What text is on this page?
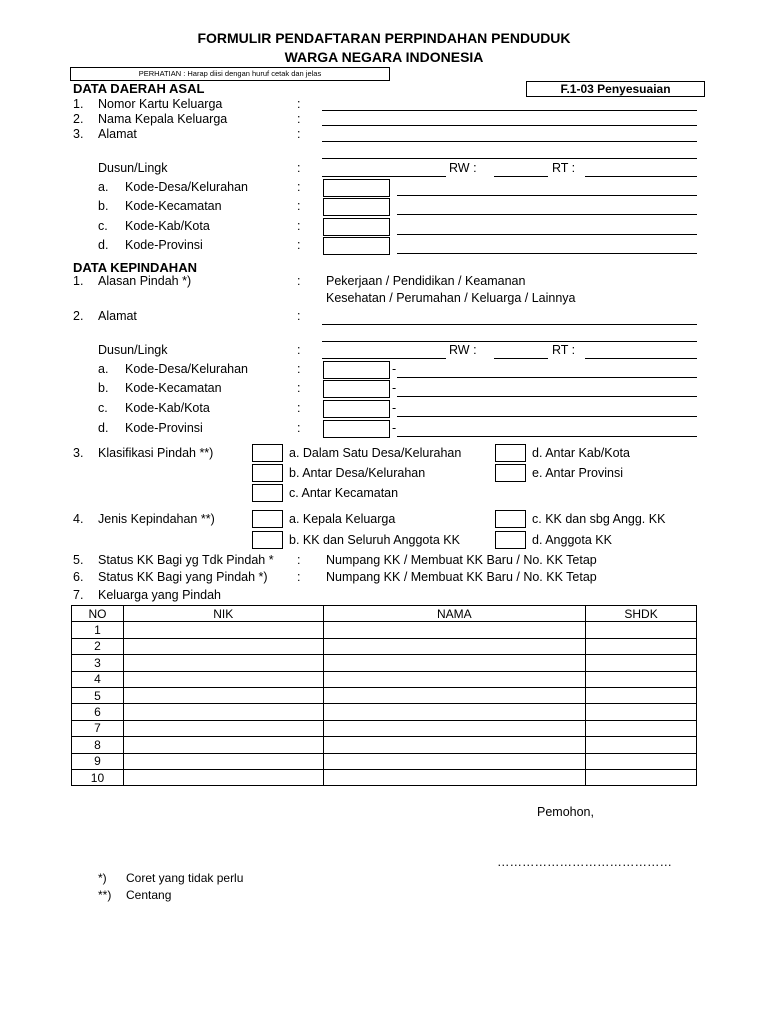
FORMULIR PENDAFTARAN PERPINDAHAN PENDUDUK
WARGA NEGARA INDONESIA
PERHATIAN : Harap diisi dengan huruf cetak dan jelas
F.1-03 Penyesuaian
DATA DAERAH ASAL
1. Nomor Kartu Keluarga	:
2. Nama Kepala Keluarga	:
3. Alamat	:
Dusun/Lingk	:	RW :	RT :
a. Kode-Desa/Kelurahan	:
b. Kode-Kecamatan	:
c. Kode-Kab/Kota	:
d. Kode-Provinsi	:
DATA KEPINDAHAN
1. Alasan Pindah *)	: Pekerjaan / Pendidikan / Keamanan
Kesehatan / Perumahan / Keluarga / Lainnya
2. Alamat	:
Dusun/Lingk	:	RW :	RT :
a. Kode-Desa/Kelurahan	:	-
b. Kode-Kecamatan	:	-
c. Kode-Kab/Kota	:	-
d. Kode-Provinsi	:	-
3. Klasifikasi Pindah **)	a. Dalam Satu Desa/Kelurahan
b. Antar Desa/Kelurahan
c. Antar Kecamatan
d. Antar Kab/Kota
e. Antar Provinsi
4. Jenis Kepindahan **)	a. Kepala Keluarga
b. KK dan Seluruh Anggota KK
c. KK dan sbg Angg. KK
d. Anggota KK
5. Status KK Bagi yg Tdk Pindah * : Numpang KK / Membuat KK Baru / No. KK Tetap
6. Status KK Bagi yang Pindah *) : Numpang KK / Membuat KK Baru / No. KK Tetap
7. Keluarga yang Pindah
NO	NIK	NAMA	SHDK
1			
2			
3			
4			
5			
6			
7			
8			
9			
10			
Pemohon,
……………………………………
*) Coret yang tidak perlu
**) Centang
